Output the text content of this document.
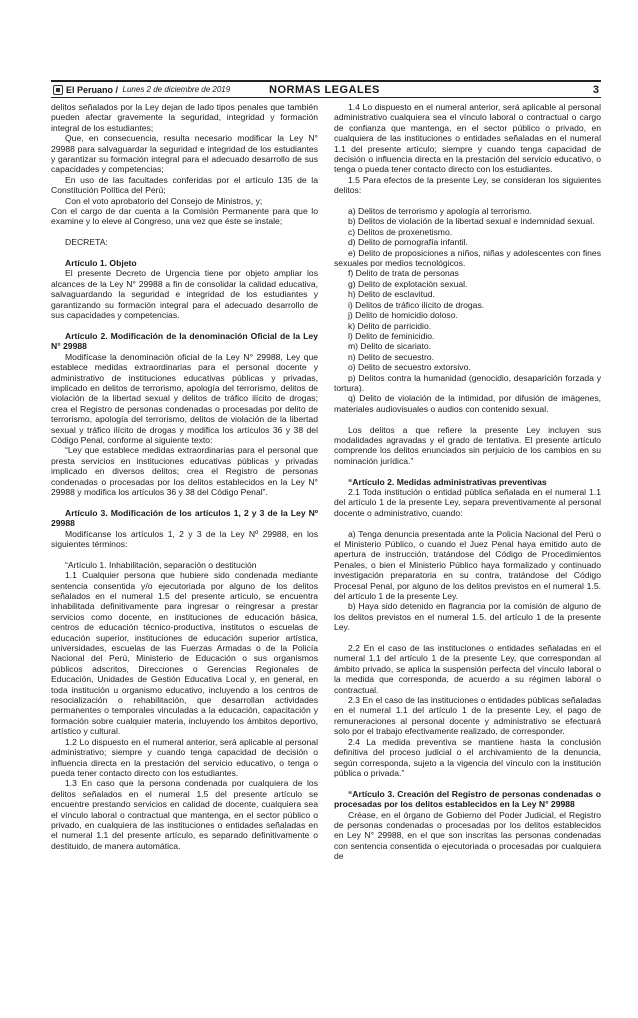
El Peruano / Lunes 2 de diciembre de 2019	NORMAS LEGALES	3

delitos señalados por la Ley dejan de lado tipos penales que también pueden afectar gravemente la seguridad, integridad y formación integral de los estudiantes;

Que, en consecuencia, resulta necesario modificar la Ley N° 29988 para salvaguardar la seguridad e integridad de los estudiantes y garantizar su formación integral para el adecuado desarrollo de sus capacidades y competencias;

En uso de las facultades conferidas por el artículo 135 de la Constitución Política del Perú;

Con el voto aprobatorio del Consejo de Ministros, y;

Con el cargo de dar cuenta a la Comisión Permanente para que lo examine y lo eleve al Congreso, una vez que éste se instale;

DECRETA:

Artículo 1. Objeto

El presente Decreto de Urgencia tiene por objeto ampliar los alcances de la Ley N° 29988 a fin de consolidar la calidad educativa, salvaguardando la seguridad e integridad de los estudiantes y garantizando su formación integral para el adecuado desarrollo de sus capacidades y competencias.

Artículo 2. Modificación de la denominación Oficial de la Ley N° 29988

Modifícase la denominación oficial de la Ley N° 29988, Ley que establece medidas extraordinarias para el personal docente y administrativo de instituciones educativas públicas y privadas, implicado en delitos de terrorismo, apología del terrorismo, delitos de violación de la libertad sexual y delitos de tráfico ilícito de drogas; crea el Registro de personas condenadas o procesadas por delito de terrorismo, apología del terrorismo, delitos de violación de la libertad sexual y tráfico ilícito de drogas y modifica los artículos 36 y 38 del Código Penal, conforme al siguiente texto:

“Ley que establece medidas extraordinarias para el personal que presta servicios en instituciones educativas públicas y privadas implicado en diversos delitos; crea el Registro de personas condenadas o procesadas por los delitos establecidos en la Ley N° 29988 y modifica los artículos 36 y 38 del Código Penal”.

Artículo 3. Modificación de los artículos 1, 2 y 3 de la Ley Nº 29988

Modifícanse los artículos 1, 2 y 3 de la Ley Nº 29988, en los siguientes términos:

“Artículo 1. Inhabilitación, separación o destitución

1.1 Cualquier persona que hubiere sido condenada mediante sentencia consentida y/o ejecutoriada por alguno de los delitos señalados en el numeral 1.5 del presente artículo, se encuentra inhabilitada definitivamente para ingresar o reingresar a prestar servicios como docente, en instituciones de educación básica, centros de educación técnico-productiva, institutos o escuelas de educación superior, instituciones de educación superior artística, universidades, escuelas de las Fuerzas Armadas o de la Policía Nacional del Perú, Ministerio de Educación o sus organismos públicos adscritos, Direcciones o Gerencias Regionales de Educación, Unidades de Gestión Educativa Local y, en general, en toda institución u organismo educativo, incluyendo a los centros de resocialización o rehabilitación, que desarrollan actividades permanentes o temporales vinculadas a la educación, capacitación y formación sobre cualquier materia, incluyendo los ámbitos deportivo, artístico y cultural.

1.2 Lo dispuesto en el numeral anterior, será aplicable al personal administrativo; siempre y cuando tenga capacidad de decisión o influencia directa en la prestación del servicio educativo, o tenga o pueda tener contacto directo con los estudiantes.

1.3 En caso que la persona condenada por cualquiera de los delitos señalados en el numeral 1.5 del presente artículo se encuentre prestando servicios en calidad de docente, cualquiera sea el vínculo laboral o contractual que mantenga, en el sector público o privado, en cualquiera de las instituciones o entidades señaladas en el numeral 1.1 del presente artículo, es separado definitivamente o destituido, de manera automática.

1.4 Lo dispuesto en el numeral anterior, será aplicable al personal administrativo cualquiera sea el vínculo laboral o contractual o cargo de confianza que mantenga, en el sector público o privado, en cualquiera de las instituciones o entidades señaladas en el numeral 1.1 del presente artículo; siempre y cuando tenga capacidad de decisión o influencia directa en la prestación del servicio educativo, o tenga o pueda tener contacto directo con los estudiantes.

1.5 Para efectos de la presente Ley, se consideran los siguientes delitos:

a) Delitos de terrorismo y apología al terrorismo.

b) Delitos de violación de la libertad sexual e indemnidad sexual.

c) Delitos de proxenetismo.

d) Delito de pornografía infantil.

e) Delito de proposiciones a niños, niñas y adolescentes con fines sexuales por medios tecnológicos.

f) Delito de trata de personas

g) Delito de explotación sexual.

h) Delito de esclavitud.

i) Delitos de tráfico ilícito de drogas.

j) Delito de homicidio doloso.

k) Delito de parricidio.

l) Delito de feminicidio.

m) Delito de sicariato.

n) Delito de secuestro.

o) Delito de secuestro extorsivo.

p) Delitos contra la humanidad (genocidio, desaparición forzada y tortura).

q) Delito de violación de la intimidad, por difusión de imágenes, materiales audiovisuales o audios con contenido sexual.

Los delitos a que refiere la presente Ley incluyen sus modalidades agravadas y el grado de tentativa. El presente artículo comprende los delitos enunciados sin perjuicio de los cambios en su nominación jurídica.”

“Artículo 2. Medidas administrativas preventivas

2.1 Toda institución o entidad pública señalada en el numeral 1.1 del artículo 1 de la presente Ley, separa preventivamente al personal docente o administrativo, cuando:

a) Tenga denuncia presentada ante la Policía Nacional del Perú o el Ministerio Público, o cuando el Juez Penal haya emitido auto de apertura de instrucción, tratándose del Código de Procedimientos Penales, o bien el Ministerio Público haya formalizado y continuado investigación preparatoria en su contra, tratándose del Código Procesal Penal, por alguno de los delitos previstos en el numeral 1.5. del artículo 1 de la presente Ley.

b) Haya sido detenido en flagrancia por la comisión de alguno de los delitos previstos en el numeral 1.5. del artículo 1 de la presente Ley.

2.2 En el caso de las instituciones o entidades señaladas en el numeral 1.1 del artículo 1 de la presente Ley, que correspondan al ámbito privado, se aplica la suspensión perfecta del vínculo laboral o la medida que corresponda, de acuerdo a su régimen laboral o contractual.

2.3 En el caso de las instituciones o entidades públicas señaladas en el numeral 1.1 del artículo 1 de la presente Ley, el pago de remuneraciones al personal docente y administrativo se efectuará solo por el trabajo efectivamente realizado, de corresponder.

2.4 La medida preventiva se mantiene hasta la conclusión definitiva del proceso judicial o el archivamiento de la denuncia, según corresponda, sujeto a la vigencia del vínculo con la institución pública o privada.”

“Artículo 3. Creación del Registro de personas condenadas o procesadas por los delitos establecidos en la Ley N° 29988

Créase, en el órgano de Gobierno del Poder Judicial, el Registro de personas condenadas o procesadas por los delitos establecidos en Ley N° 29988, en el que son inscritas las personas condenadas con sentencia consentida o ejecutoriada o procesadas por cualquiera de
